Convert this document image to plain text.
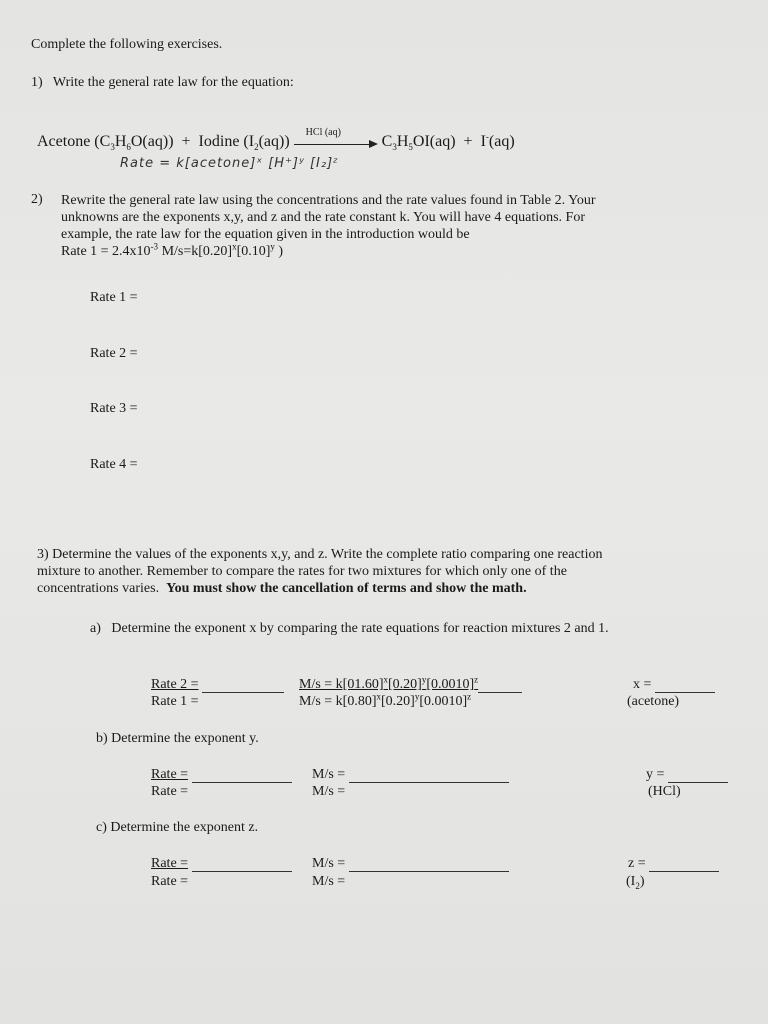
Complete the following exercises.
1) Write the general rate law for the equation:
Acetone $(C_3H_6O(aq))$ + Iodine $(I_2(aq))$
HCl (aq)
$C_3H_5OI(aq) + I^-(aq)$
Rate = k[acetone]ˣ [H⁺]ʸ [I₂]ᶻ
2) Rewrite the general rate law using the concentrations and the rate values found in Table 2. Your
unknowns are the exponents x,y, and z and the rate constant k. You will have 4 equations. For
example, the rate law for the equation given in the introduction would be
Rate $1 = 2.4x10^{-3}$ $M/s=k[0.20]^x[0.10]^y$ )
Rate 1 =
Rate 2 =
Rate 3 =
Rate 4 =
3) Determine the values of the exponents x,y, and z. Write the complete ratio comparing one reaction
mixture to another. Remember to compare the rates for two mixtures for which only one of the
concentrations varies. You must show the cancellation of terms and show the math.
a) Determine the exponent x by comparing the rate equations for reaction mixtures 2 and 1.
Rate 2 =
Rate 1 =
$M/s = k[01.60]^x[0.20]^y[0.0010]^z$
$M/s = k[0.80]^x[0.20]^y[0.0010]^z$
x =
(acetone)
b) Determine the exponent y.
Rate =
Rate =
M/s =
M/s =
y =
(HCl)
c) Determine the exponent z.
Rate =
Rate =
M/s =
M/s =
z =
$(I_2)$
